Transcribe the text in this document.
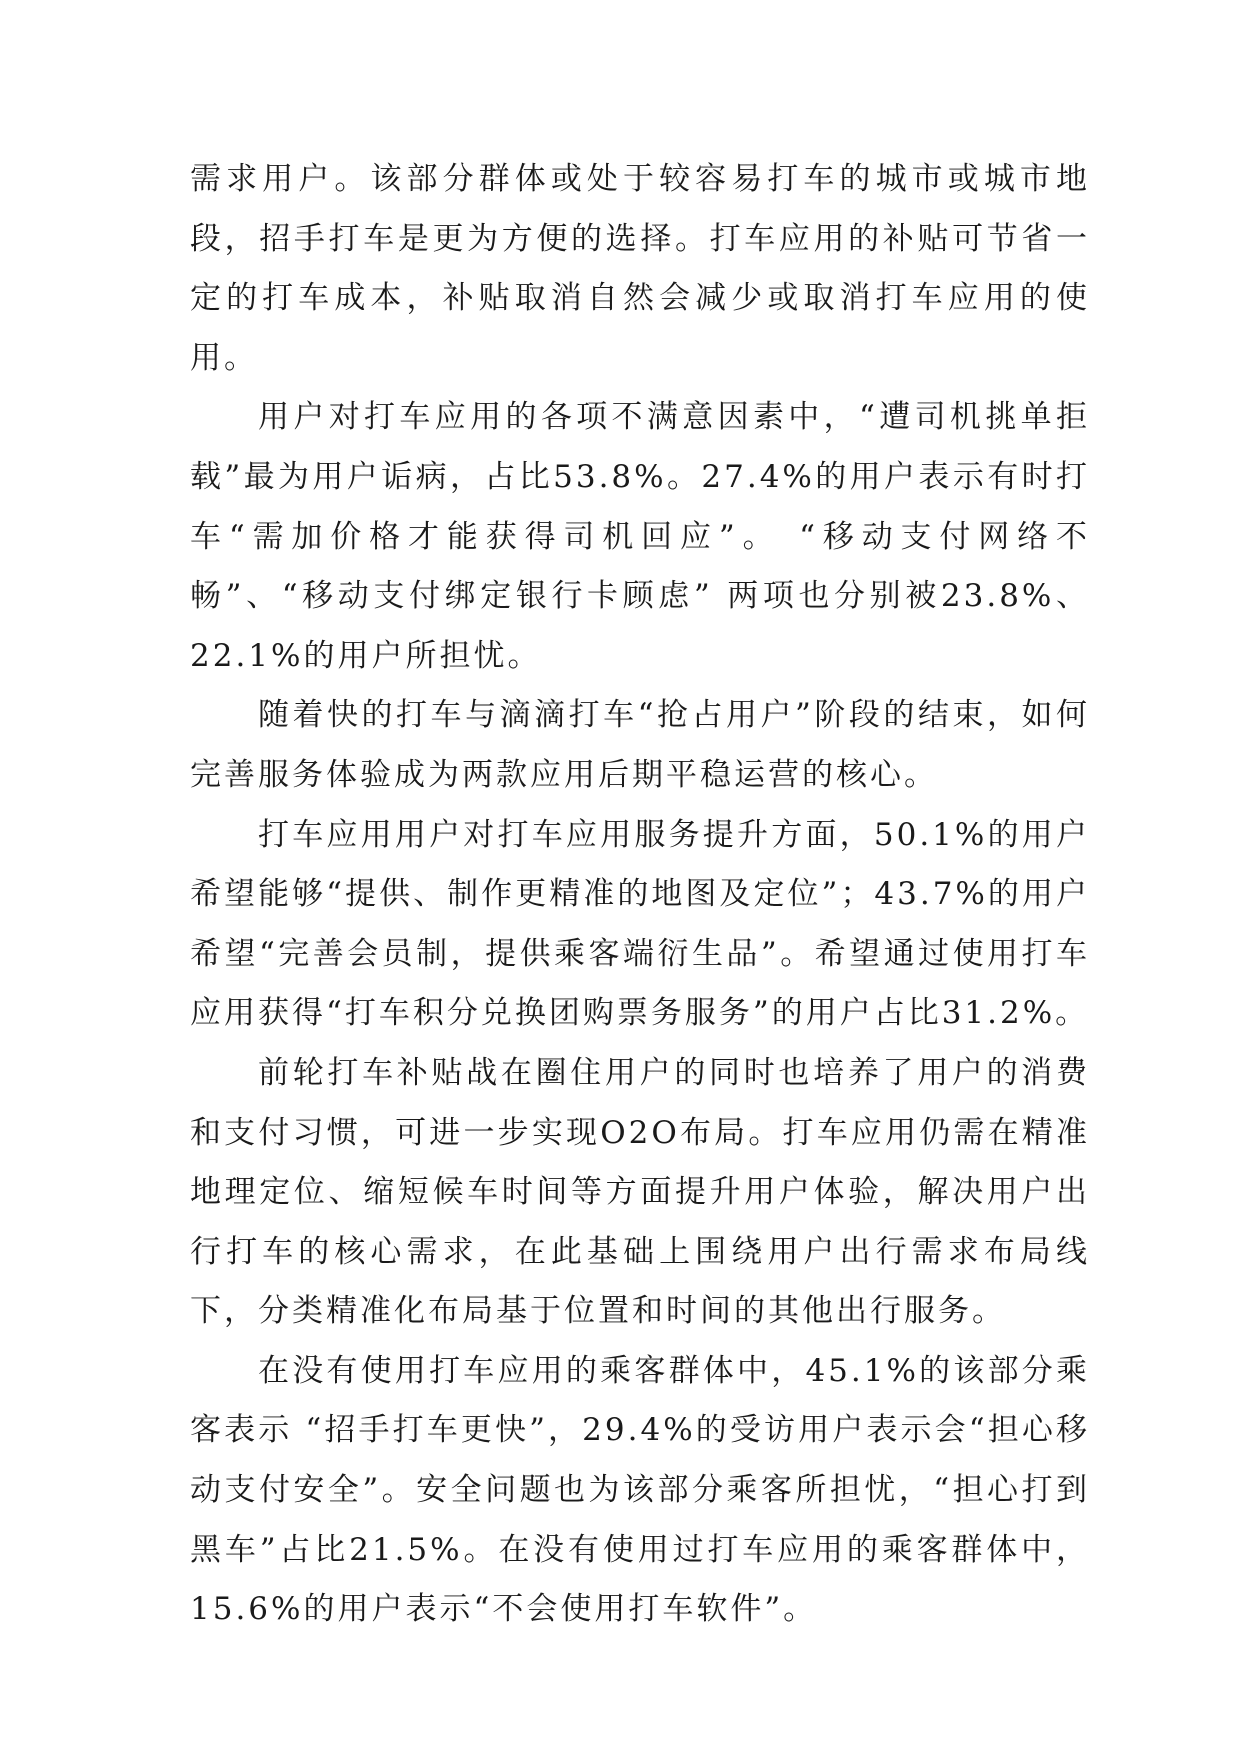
需求用户。该部分群体或处于较容易打车的城市或城市地段，招手打车是更为方便的选择。打车应用的补贴可节省一定的打车成本，补贴取消自然会减少或取消打车应用的使用。

用户对打车应用的各项不满意因素中，“遭司机挑单拒载”最为用户诟病，占比53.8%。27.4%的用户表示有时打车“需加价格才能获得司机回应”。 “移动支付网络不畅”、“移动支付绑定银行卡顾虑” 两项也分别被23.8%、22.1%的用户所担忧。

随着快的打车与滴滴打车“抢占用户”阶段的结束，如何完善服务体验成为两款应用后期平稳运营的核心。

打车应用用户对打车应用服务提升方面，50.1%的用户希望能够“提供、制作更精准的地图及定位”；43.7%的用户希望“完善会员制，提供乘客端衍生品”。希望通过使用打车应用获得“打车积分兑换团购票务服务”的用户占比31.2%。

前轮打车补贴战在圈住用户的同时也培养了用户的消费和支付习惯，可进一步实现O2O布局。打车应用仍需在精准地理定位、缩短候车时间等方面提升用户体验，解决用户出行打车的核心需求，在此基础上围绕用户出行需求布局线下，分类精准化布局基于位置和时间的其他出行服务。

在没有使用打车应用的乘客群体中，45.1%的该部分乘客表示 “招手打车更快”，29.4%的受访用户表示会“担心移动支付安全”。安全问题也为该部分乘客所担忧，“担心打到黑车”占比21.5%。在没有使用过打车应用的乘客群体中，15.6%的用户表示“不会使用打车软件”。
